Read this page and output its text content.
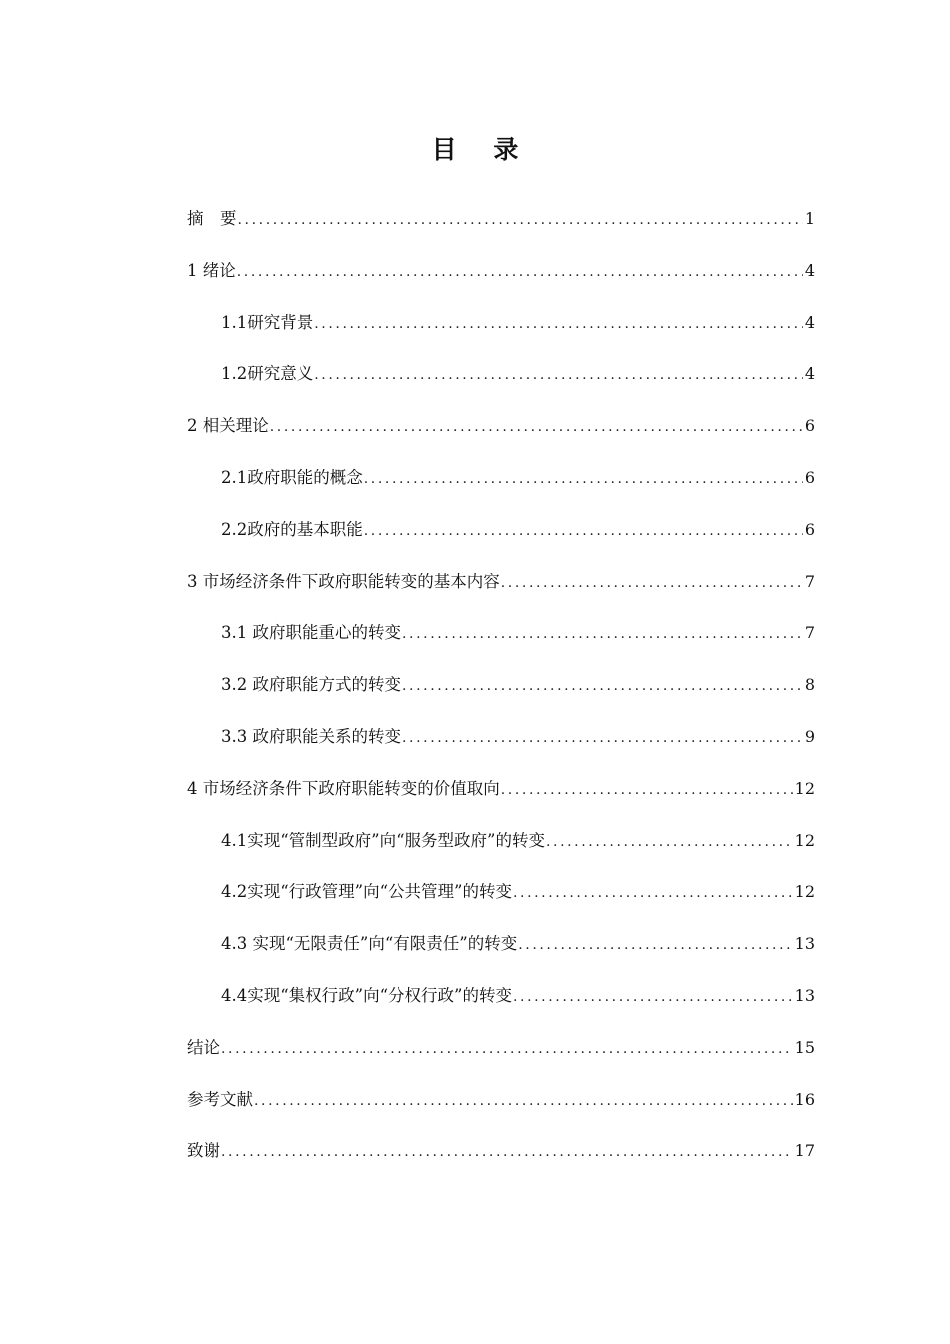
目 录
摘　要 .....	1
1 绪论 .....	4
1.1研究背景 .....	4
1.2研究意义 .....	4
2 相关理论 .....	6
2.1政府职能的概念 .....	6
2.2政府的基本职能 .....	6
3 市场经济条件下政府职能转变的基本内容 .....	7
3.1 政府职能重心的转变 .....	7
3.2 政府职能方式的转变 .....	8
3.3 政府职能关系的转变 .....	9
4 市场经济条件下政府职能转变的价值取向 .....	12
4.1实现“管制型政府”向“服务型政府”的转变 .....	12
4.2实现“行政管理”向“公共管理”的转变 .....	12
4.3 实现“无限责任”向“有限责任”的转变 .....	13
4.4实现“集权行政”向“分权行政”的转变 .....	13
结论 .....	15
参考文献 .....	16
致谢 .....	17
